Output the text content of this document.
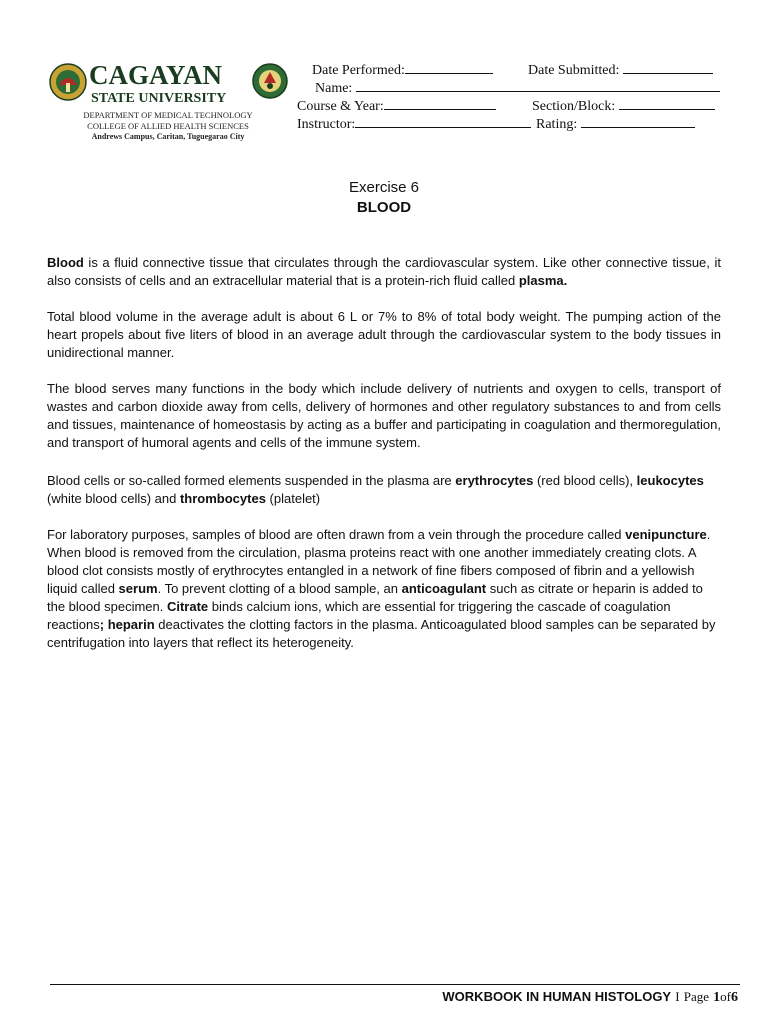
CAGAYAN
STATE UNIVERSITY
DEPARTMENT OF MEDICAL TECHNOLOGY
COLLEGE OF ALLIED HEALTH SCIENCES
Andrews Campus, Caritan, Tuguegarao City
Date Performed:	Date Submitted:
Name:
Course & Year:	Section/Block:
Instructor:	Rating:
Exercise 6
BLOOD

Blood is a fluid connective tissue that circulates through the cardiovascular system. Like other connective tissue, it also consists of cells and an extracellular material that is a protein-rich fluid called plasma.

Total blood volume in the average adult is about 6 L or 7% to 8% of total body weight. The pumping action of the heart propels about five liters of blood in an average adult through the cardiovascular system to the body tissues in unidirectional manner.

The blood serves many functions in the body which include delivery of nutrients and oxygen to cells, transport of wastes and carbon dioxide away from cells, delivery of hormones and other regulatory substances to and from cells and tissues, maintenance of homeostasis by acting as a buffer and participating in coagulation and thermoregulation, and transport of humoral agents and cells of the immune system.

Blood cells or so-called formed elements suspended in the plasma are erythrocytes (red blood cells), leukocytes (white blood cells) and thrombocytes (platelet)

For laboratory purposes, samples of blood are often drawn from a vein through the procedure called venipuncture. When blood is removed from the circulation, plasma proteins react with one another immediately creating clots. A blood clot consists mostly of erythrocytes entangled in a network of fine fibers composed of fibrin and a yellowish liquid called serum. To prevent clotting of a blood sample, an anticoagulant such as citrate or heparin is added to the blood specimen. Citrate binds calcium ions, which are essential for triggering the cascade of coagulation reactions; heparin deactivates the clotting factors in the plasma. Anticoagulated blood samples can be separated by centrifugation into layers that reflect its heterogeneity.

WORKBOOK IN HUMAN HISTOLOGY I Page 1of6
